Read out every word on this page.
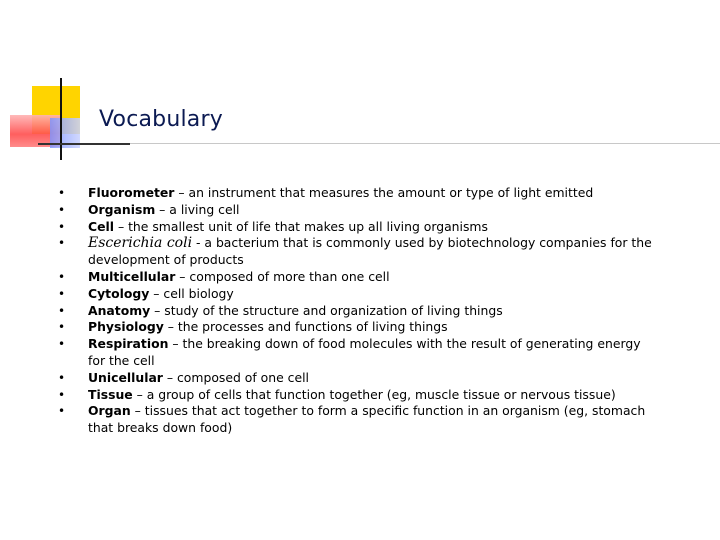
Vocabulary
• Fluorometer – an instrument that measures the amount or type of light emitted
• Organism – a living cell
• Cell – the smallest unit of life that makes up all living organisms
• Escerichia coli - a bacterium that is commonly used by biotechnology companies for the development of products
• Multicellular – composed of more than one cell
• Cytology – cell biology
• Anatomy – study of the structure and organization of living things
• Physiology – the processes and functions of living things
• Respiration – the breaking down of food molecules with the result of generating energy for the cell
• Unicellular – composed of one cell
• Tissue – a group of cells that function together (eg, muscle tissue or nervous tissue)
• Organ – tissues that act together to form a specific function in an organism (eg, stomach that breaks down food)
